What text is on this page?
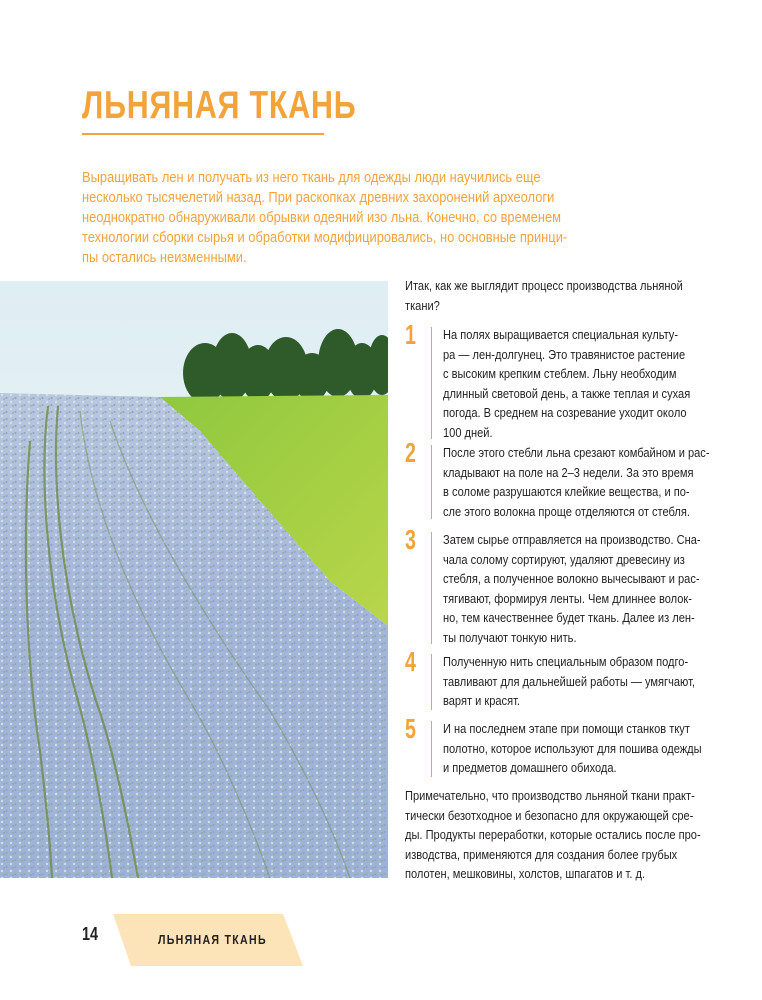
ЛЬНЯНАЯ ТКАНЬ

Выращивать лен и получать из него ткань для одежды люди научились еще
несколько тысячелетий назад. При раскопках древних захоронений археологи
неоднократно обнаруживали обрывки одеяний изо льна. Конечно, со временем
технологии сборки сырья и обработки модифицировались, но основные принци-
пы остались неизменными.

Итак, как же выглядит процесс производства льняной
ткани?
1 На полях выращивается специальная культу-
ра — лен-долгунец. Это травянистое растение
с высоким крепким стеблем. Льну необходим
длинный световой день, а также теплая и сухая
погода. В среднем на созревание уходит около
100 дней.
2 После этого стебли льна срезают комбайном и рас-
кладывают на поле на 2–3 недели. За это время
в соломе разрушаются клейкие вещества, и по-
сле этого волокна проще отделяются от стебля.
3 Затем сырье отправляется на производство. Сна-
чала солому сортируют, удаляют древесину из
стебля, а полученное волокно вычесывают и рас-
тягивают, формируя ленты. Чем длиннее волок-
но, тем качественнее будет ткань. Далее из лен-
ты получают тонкую нить.
4 Полученную нить специальным образом подго-
тавливают для дальнейшей работы — умягчают,
варят и красят.
5 И на последнем этапе при помощи станков ткут
полотно, которое используют для пошива одежды
и предметов домашнего обихода.
Примечательно, что производство льняной ткани практ-
тически безотходное и безопасно для окружающей сре-
ды. Продукты переработки, которые остались после про-
изводства, применяются для создания более грубых
полотен, мешковины, холстов, шпагатов и т. д.
14	ЛЬНЯНАЯ ТКАНЬ
